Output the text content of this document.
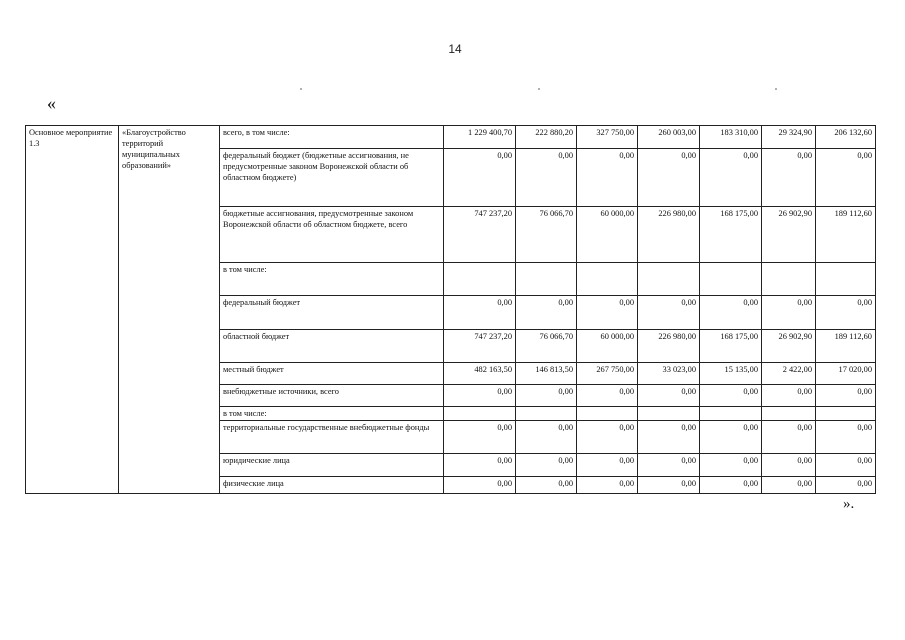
14
«
Основное мероприятие 1.3	«Благоустройство территорий муниципальных образований»	всего, в том числе:	1 229 400,70	222 880,20	327 750,00	260 003,00	183 310,00	29 324,90	206 132,60
		федеральный бюджет (бюджетные ассигнования, не предусмотренные законом Воронежской области об областном бюджете)	0,00	0,00	0,00	0,00	0,00	0,00	0,00
		бюджетные ассигнования, предусмотренные законом Воронежской области об областном бюджете, всего	747 237,20	76 066,70	60 000,00	226 980,00	168 175,00	26 902,90	189 112,60
		в том числе:							
		федеральный бюджет	0,00	0,00	0,00	0,00	0,00	0,00	0,00
		областной бюджет	747 237,20	76 066,70	60 000,00	226 980,00	168 175,00	26 902,90	189 112,60
		местный бюджет	482 163,50	146 813,50	267 750,00	33 023,00	15 135,00	2 422,00	17 020,00
		внебюджетные источники, всего	0,00	0,00	0,00	0,00	0,00	0,00	0,00
		в том числе:							
		территориальные государственные внебюджетные фонды	0,00	0,00	0,00	0,00	0,00	0,00	0,00
		юридические лица	0,00	0,00	0,00	0,00	0,00	0,00	0,00
		физические лица	0,00	0,00	0,00	0,00	0,00	0,00	0,00
».
